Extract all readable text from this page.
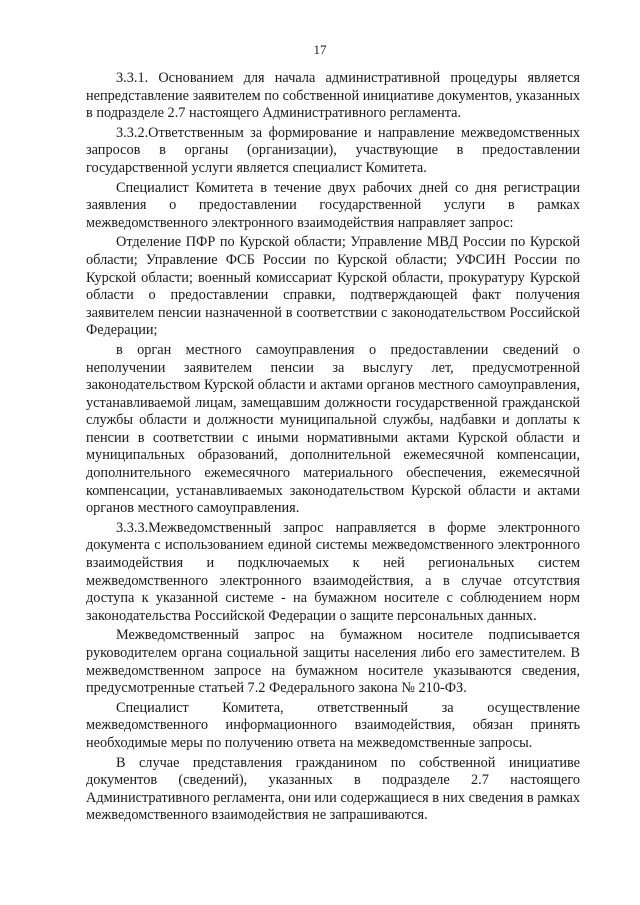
17

3.3.1. Основанием для начала административной процедуры является непредставление заявителем по собственной инициативе документов, указанных в подразделе 2.7 настоящего Административного регламента.

3.3.2.Ответственным за формирование и направление межведомственных запросов в органы (организации), участвующие в предоставлении государственной услуги является специалист Комитета.

Специалист Комитета в течение двух рабочих дней со дня регистрации заявления о предоставлении государственной услуги в рамках межведомственного электронного взаимодействия направляет запрос:

Отделение ПФР по Курской области; Управление МВД России по Курской области; Управление ФСБ России по Курской области; УФСИН России по Курской области; военный комиссариат Курской области, прокуратуру Курской области о предоставлении справки, подтверждающей факт получения заявителем пенсии назначенной в соответствии с законодательством Российской Федерации;

в орган местного самоуправления о предоставлении сведений о неполучении заявителем пенсии за выслугу лет, предусмотренной законодательством Курской области и актами органов местного самоуправления, устанавливаемой лицам, замещавшим должности государственной гражданской службы области и должности муниципальной службы, надбавки и доплаты к пенсии в соответствии с иными нормативными актами Курской области и муниципальных образований, дополнительной ежемесячной компенсации, дополнительного ежемесячного материального обеспечения, ежемесячной компенсации, устанавливаемых законодательством Курской области и актами органов местного самоуправления.

3.3.3.Межведомственный запрос направляется в форме электронного документа с использованием единой системы межведомственного электронного взаимодействия и подключаемых к ней региональных систем межведомственного электронного взаимодействия, а в случае отсутствия доступа к указанной системе - на бумажном носителе с соблюдением норм законодательства Российской Федерации о защите персональных данных.

Межведомственный запрос на бумажном носителе подписывается руководителем органа социальной защиты населения либо его заместителем. В межведомственном запросе на бумажном носителе указываются сведения, предусмотренные статьей 7.2 Федерального закона № 210-ФЗ.

Специалист Комитета, ответственный за осуществление межведомственного информационного взаимодействия, обязан принять необходимые меры по получению ответа на межведомственные запросы.

В случае представления гражданином по собственной инициативе документов (сведений), указанных в подразделе 2.7 настоящего Административного регламента, они или содержащиеся в них сведения в рамках межведомственного взаимодействия не запрашиваются.
